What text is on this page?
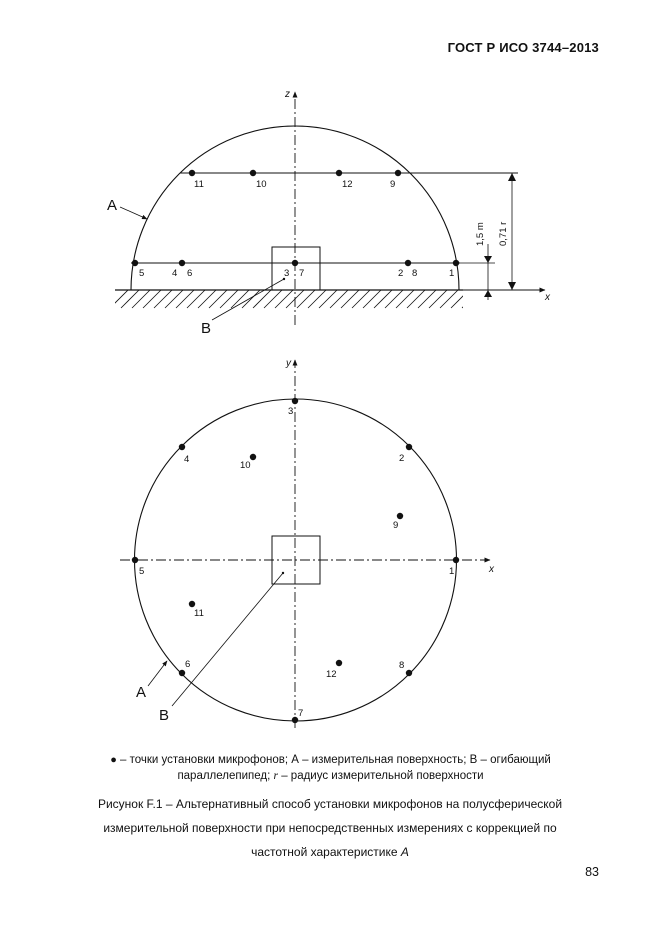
ГОСТ Р ИСО 3744–2013
z
x
1,5 m 0,71 r
A
B
1
2 8
3 7
4 6
5
11	10	12	9
y
x
A
B
1
2
3
4
5
6
7
8
9
10
11
12
● – точки установки микрофонов; А – измерительная поверхность; В – огибающий
параллелепипед; r – радиус измерительной поверхности
Рисунок F.1 – Альтернативный способ установки микрофонов на полусферической
измерительной поверхности при непосредственных измерениях с коррекцией по
частотной характеристике A
83
